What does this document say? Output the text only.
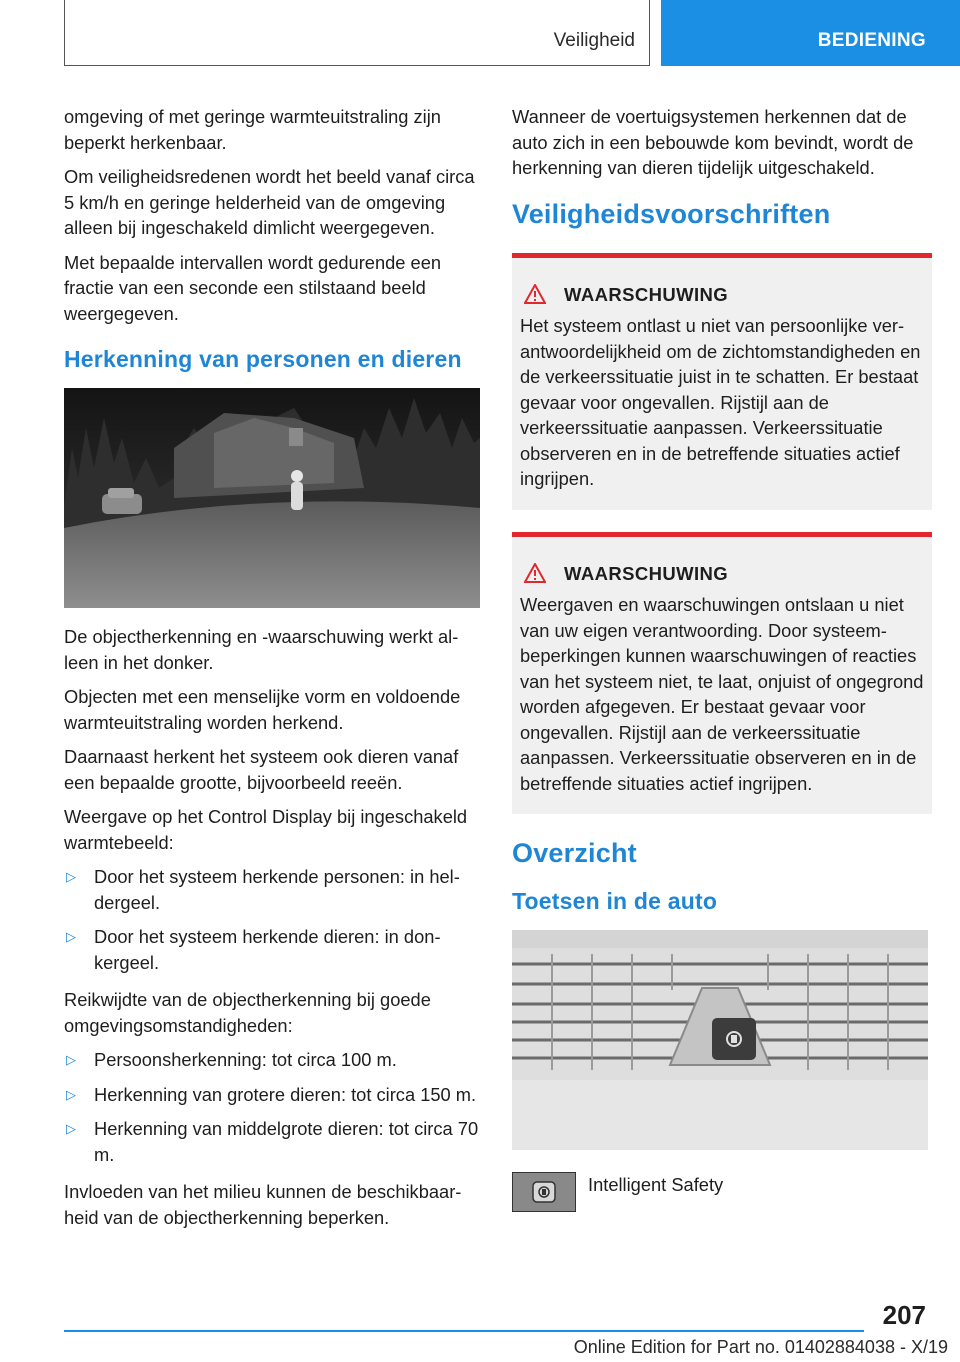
Veiligheid	BEDIENING
omgeving of met geringe warmteuitstraling zijn beperkt herkenbaar.
Om veiligheidsredenen wordt het beeld vanaf circa 5 km/h en geringe helderheid van de omgeving alleen bij ingeschakeld dimlicht weergegeven.
Met bepaalde intervallen wordt gedurende een fractie van een seconde een stilstaand beeld weergegeven.
Herkenning van personen en dieren
De objectherkenning en -waarschuwing werkt alleen in het donker.
Objecten met een menselijke vorm en voldoende warmteuitstraling worden herkend.
Daarnaast herkent het systeem ook dieren vanaf een bepaalde grootte, bijvoorbeeld reeën.
Weergave op het Control Display bij ingeschakeld warmtebeeld:
▷ Door het systeem herkende personen: in heldergeel.
▷ Door het systeem herkende dieren: in donkergeel.
Reikwijdte van de objectherkenning bij goede omgevingsomstandigheden:
▷ Persoonsherkenning: tot circa 100 m.
▷ Herkenning van grotere dieren: tot circa 150 m.
▷ Herkenning van middelgrote dieren: tot circa 70 m.
Invloeden van het milieu kunnen de beschikbaarheid van de objectherkenning beperken.
Wanneer de voertuigsystemen herkennen dat de auto zich in een bebouwde kom bevindt, wordt de herkenning van dieren tijdelijk uitgeschakeld.
Veiligheidsvoorschriften
WAARSCHUWING
Het systeem ontlast u niet van persoonlijke verantwoordelijkheid om de zichtomstandigheden en de verkeerssituatie juist in te schatten. Er bestaat gevaar voor ongevallen. Rijstijl aan de verkeerssituatie aanpassen. Verkeerssituatie observeren en in de betreffende situaties actief ingrijpen.
WAARSCHUWING
Weergaven en waarschuwingen ontslaan u niet van uw eigen verantwoording. Door systeembeperkingen kunnen waarschuwingen of reacties van het systeem niet, te laat, onjuist of ongegrond worden afgegeven. Er bestaat gevaar voor ongevallen. Rijstijl aan de verkeerssituatie aanpassen. Verkeerssituatie observeren en in de betreffende situaties actief ingrijpen.
Overzicht
Toetsen in de auto
Intelligent Safety
207
Online Edition for Part no. 01402884038 - X/19
